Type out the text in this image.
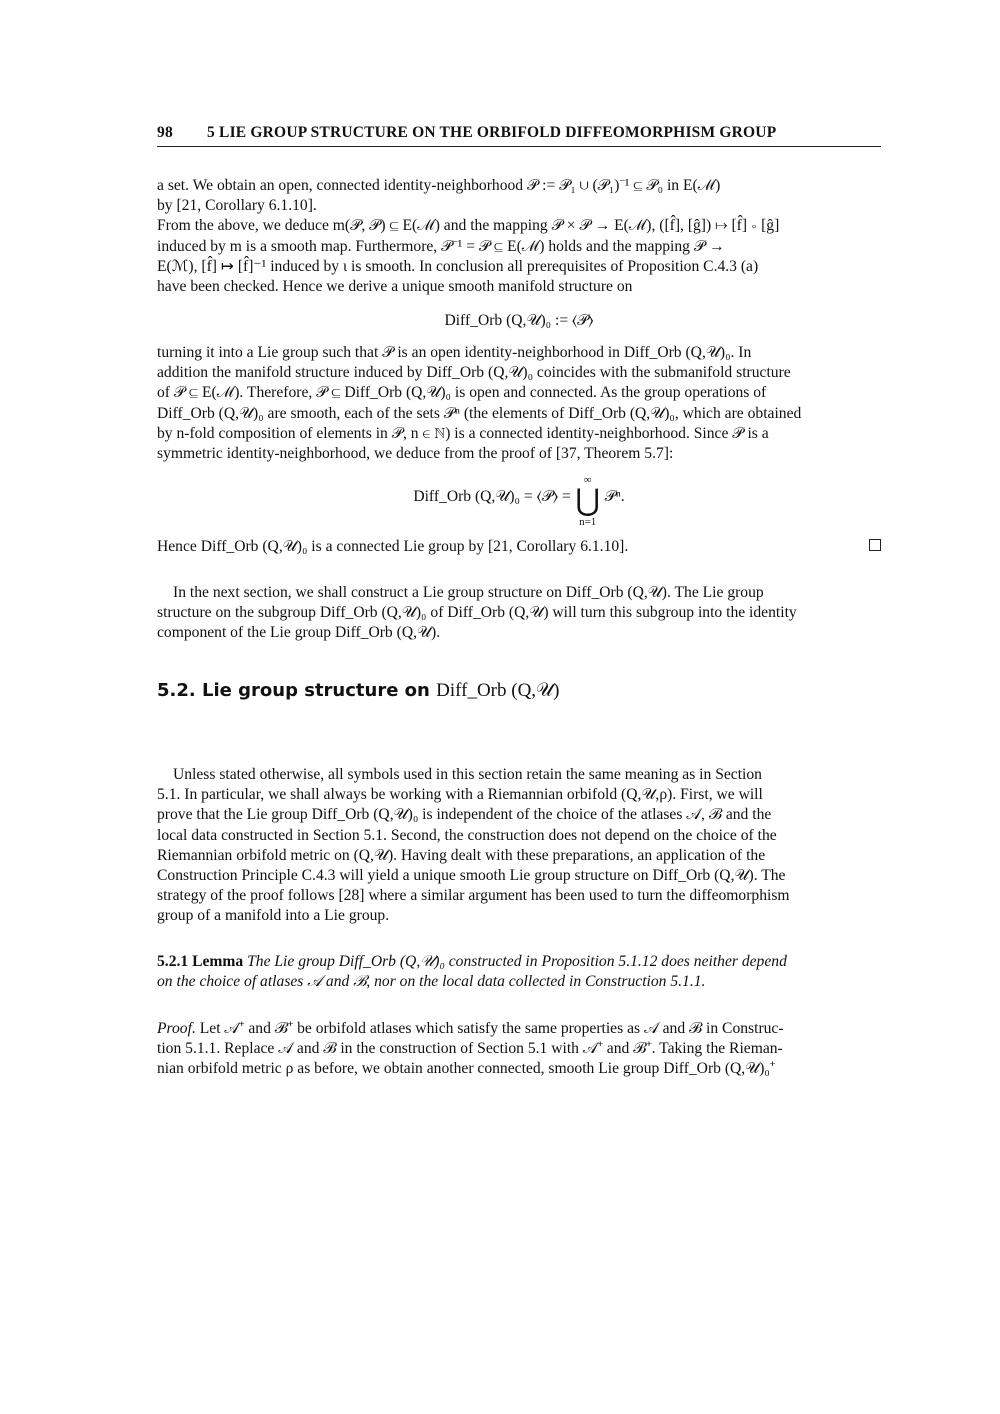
98 5 LIE GROUP STRUCTURE ON THE ORBIFOLD DIFFEOMORPHISM GROUP
a set. We obtain an open, connected identity-neighborhood 𝒫 := 𝒫₁ ∪ (𝒫₁)⁻¹ ⊆ 𝒫₀ in E(ℳ)
by [21, Corollary 6.1.10].
From the above, we deduce m(𝒫, 𝒫) ⊆ E(ℳ) and the mapping 𝒫 × 𝒫 → E(ℳ), ([f̂], [ĝ]) ↦ [f̂] ∘ [ĝ]
induced by m is a smooth map. Furthermore, 𝒫⁻¹ = 𝒫 ⊆ E(ℳ) holds and the mapping 𝒫 →
E(ℳ), [f̂] ↦ [f̂]⁻¹ induced by ι is smooth. In conclusion all prerequisites of Proposition C.4.3 (a)
have been checked. Hence we derive a unique smooth manifold structure on
Diff_Orb (Q,𝒰)₀ := ⟨𝒫⟩
turning it into a Lie group such that 𝒫 is an open identity-neighborhood in Diff_Orb (Q,𝒰)₀. In
addition the manifold structure induced by Diff_Orb (Q,𝒰)₀ coincides with the submanifold structure
of 𝒫 ⊆ E(ℳ). Therefore, 𝒫 ⊆ Diff_Orb (Q,𝒰)₀ is open and connected. As the group operations of
Diff_Orb (Q,𝒰)₀ are smooth, each of the sets 𝒫ⁿ (the elements of Diff_Orb (Q,𝒰)₀, which are obtained
by n-fold composition of elements in 𝒫, n ∈ ℕ) is a connected identity-neighborhood. Since 𝒫 is a
symmetric identity-neighborhood, we deduce from the proof of [37, Theorem 5.7]:
Diff_Orb (Q,𝒰)₀ = ⟨𝒫⟩ =
∞
⋃
n=1
𝒫ⁿ.
Hence Diff_Orb (Q,𝒰)₀ is a connected Lie group by [21, Corollary 6.1.10].
In the next section, we shall construct a Lie group structure on Diff_Orb (Q,𝒰). The Lie group
structure on the subgroup Diff_Orb (Q,𝒰)₀ of Diff_Orb (Q,𝒰) will turn this subgroup into the identity
component of the Lie group Diff_Orb (Q,𝒰).
5.2. Lie group structure on Diff_Orb (Q,𝒰)
Unless stated otherwise, all symbols used in this section retain the same meaning as in Section
5.1. In particular, we shall always be working with a Riemannian orbifold (Q,𝒰,ρ). First, we will
prove that the Lie group Diff_Orb (Q,𝒰)₀ is independent of the choice of the atlases 𝒜, ℬ and the
local data constructed in Section 5.1. Second, the construction does not depend on the choice of the
Riemannian orbifold metric on (Q,𝒰). Having dealt with these preparations, an application of the
Construction Principle C.4.3 will yield a unique smooth Lie group structure on Diff_Orb (Q,𝒰). The
strategy of the proof follows [28] where a similar argument has been used to turn the diffeomorphism
group of a manifold into a Lie group.
5.2.1 Lemma The Lie group Diff_Orb (Q,𝒰)₀ constructed in Proposition 5.1.12 does neither depend
on the choice of atlases 𝒜 and ℬ, nor on the local data collected in Construction 5.1.1.
Proof. Let 𝒜⁺ and ℬ⁺ be orbifold atlases which satisfy the same properties as 𝒜 and ℬ in Construc-
tion 5.1.1. Replace 𝒜 and ℬ in the construction of Section 5.1 with 𝒜⁺ and ℬ⁺. Taking the Rieman-
nian orbifold metric ρ as before, we obtain another connected, smooth Lie group Diff_Orb (Q,𝒰)₀⁺
